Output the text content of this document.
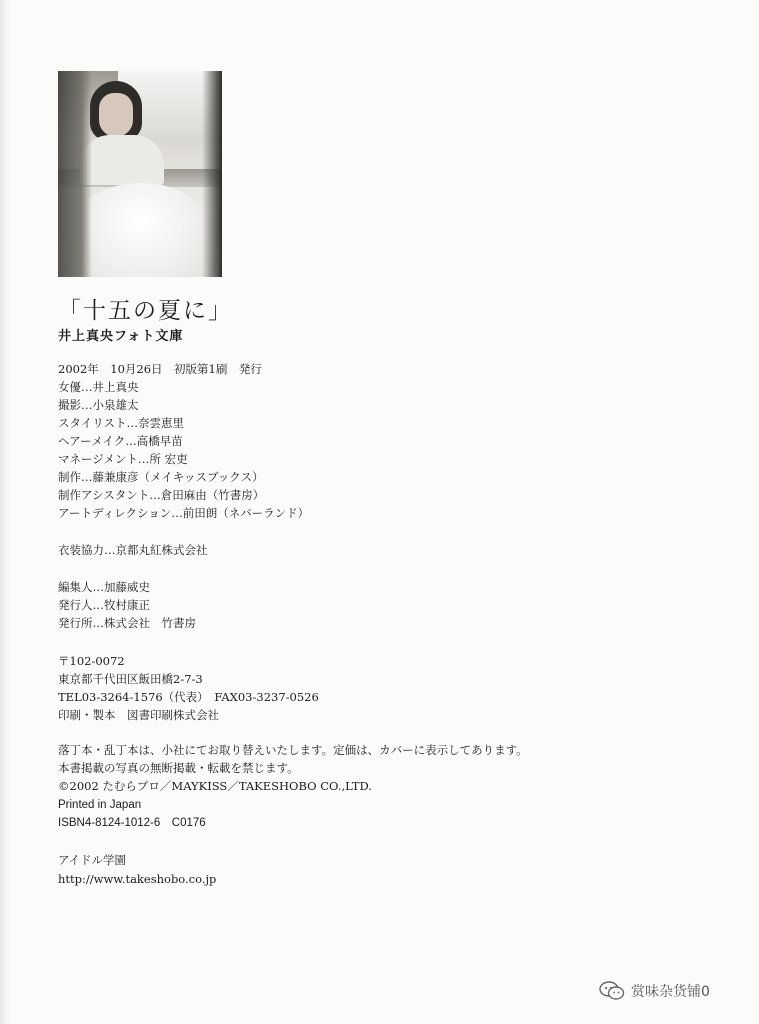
「十五の夏に」
井上真央フォト文庫
2002年　10月26日　初版第1刷　発行
女優…井上真央
撮影…小泉雄太
スタイリスト…奈雲恵里
ヘアーメイク…高橋早苗
マネージメント…所 宏吏
制作…藤兼康彦（メイキッスブックス）
制作アシスタント…倉田麻由（竹書房）
アートディレクション…前田朗（ネバーランド）
衣装協力…京都丸紅株式会社
編集人…加藤威史
発行人…牧村康正
発行所…株式会社　竹書房
〒102-0072
東京都千代田区飯田橋2-7-3
TEL03-3264-1576（代表）　FAX03-3237-0526
印刷・製本　図書印刷株式会社
落丁本・乱丁本は、小社にてお取り替えいたします。定価は、カバーに表示してあります。
本書掲載の写真の無断掲載・転載を禁じます。
©2002 たむらプロ／MAYKISS／TAKESHOBO CO.,LTD.
Printed in Japan
ISBN4-8124-1012-6　C0176
アイドル学園
http://www.takeshobo.co.jp
赏味杂货铺0
